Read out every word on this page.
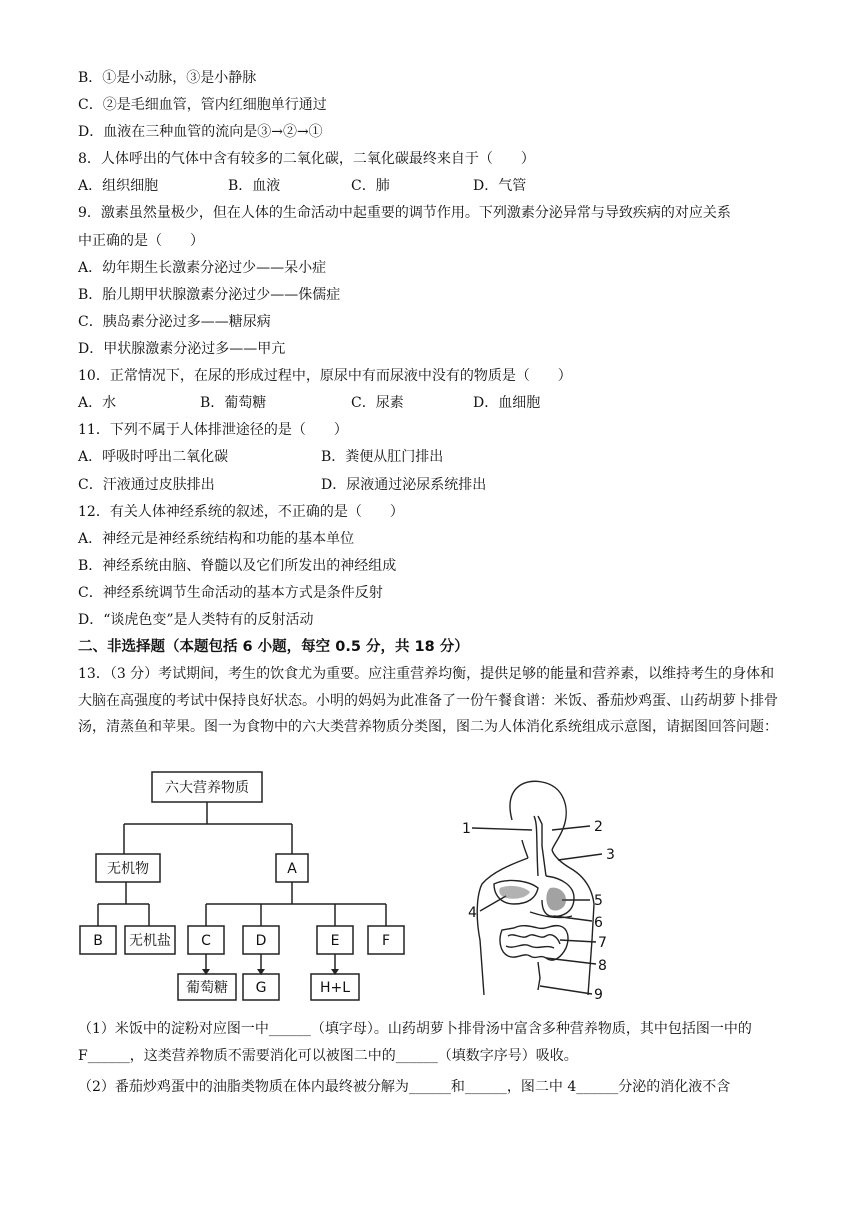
B．①是小动脉，③是小静脉
C．②是毛细血管，管内红细胞单行通过
D．血液在三种血管的流向是③→②→①
8．人体呼出的气体中含有较多的二氧化碳，二氧化碳最终来自于（　　）
A．组织细胞	B．血液	C．肺	D．气管
9．激素虽然量极少，但在人体的生命活动中起重要的调节作用。下列激素分泌异常与导致疾病的对应关系
中正确的是（　　）
A．幼年期生长激素分泌过少——呆小症
B．胎儿期甲状腺激素分泌过少——侏儒症
C．胰岛素分泌过多——糖尿病
D．甲状腺激素分泌过多——甲亢
10．正常情况下，在尿的形成过程中，原尿中有而尿液中没有的物质是（　　）
A．水	B．葡萄糖	C．尿素	D．血细胞
11．下列不属于人体排泄途径的是（　　）
A．呼吸时呼出二氧化碳	B．粪便从肛门排出
C．汗液通过皮肤排出	D．尿液通过泌尿系统排出
12．有关人体神经系统的叙述，不正确的是（　　）
A．神经元是神经系统结构和功能的基本单位
B．神经系统由脑、脊髓以及它们所发出的神经组成
C．神经系统调节生命活动的基本方式是条件反射
D．“谈虎色变”是人类特有的反射活动
二、非选择题（本题包括 6 小题，每空 0.5 分，共 18 分）
13．（3 分）考试期间，考生的饮食尤为重要。应注重营养均衡，提供足够的能量和营养素，以维持考生的身体和大脑在高强度的考试中保持良好状态。小明的妈妈为此准备了一份午餐食谱：米饭、番茄炒鸡蛋、山药胡萝卜排骨汤，清蒸鱼和苹果。图一为食物中的六大类营养物质分类图，图二为人体消化系统组成示意图，请据图回答问题：
六大营养物质
无机物	A
B 无机盐 C	D	E	F
葡萄糖 G	H+L
1	2
3
4
5
6
7
8
9
（1）米饭中的淀粉对应图一中______（填字母）。山药胡萝卜排骨汤中富含多种营养物质，其中包括图一中的 F______，这类营养物质不需要消化可以被图二中的______（填数字序号）吸收。
（2）番茄炒鸡蛋中的油脂类物质在体内最终被分解为______和______，图二中 4______分泌的消化液不含
